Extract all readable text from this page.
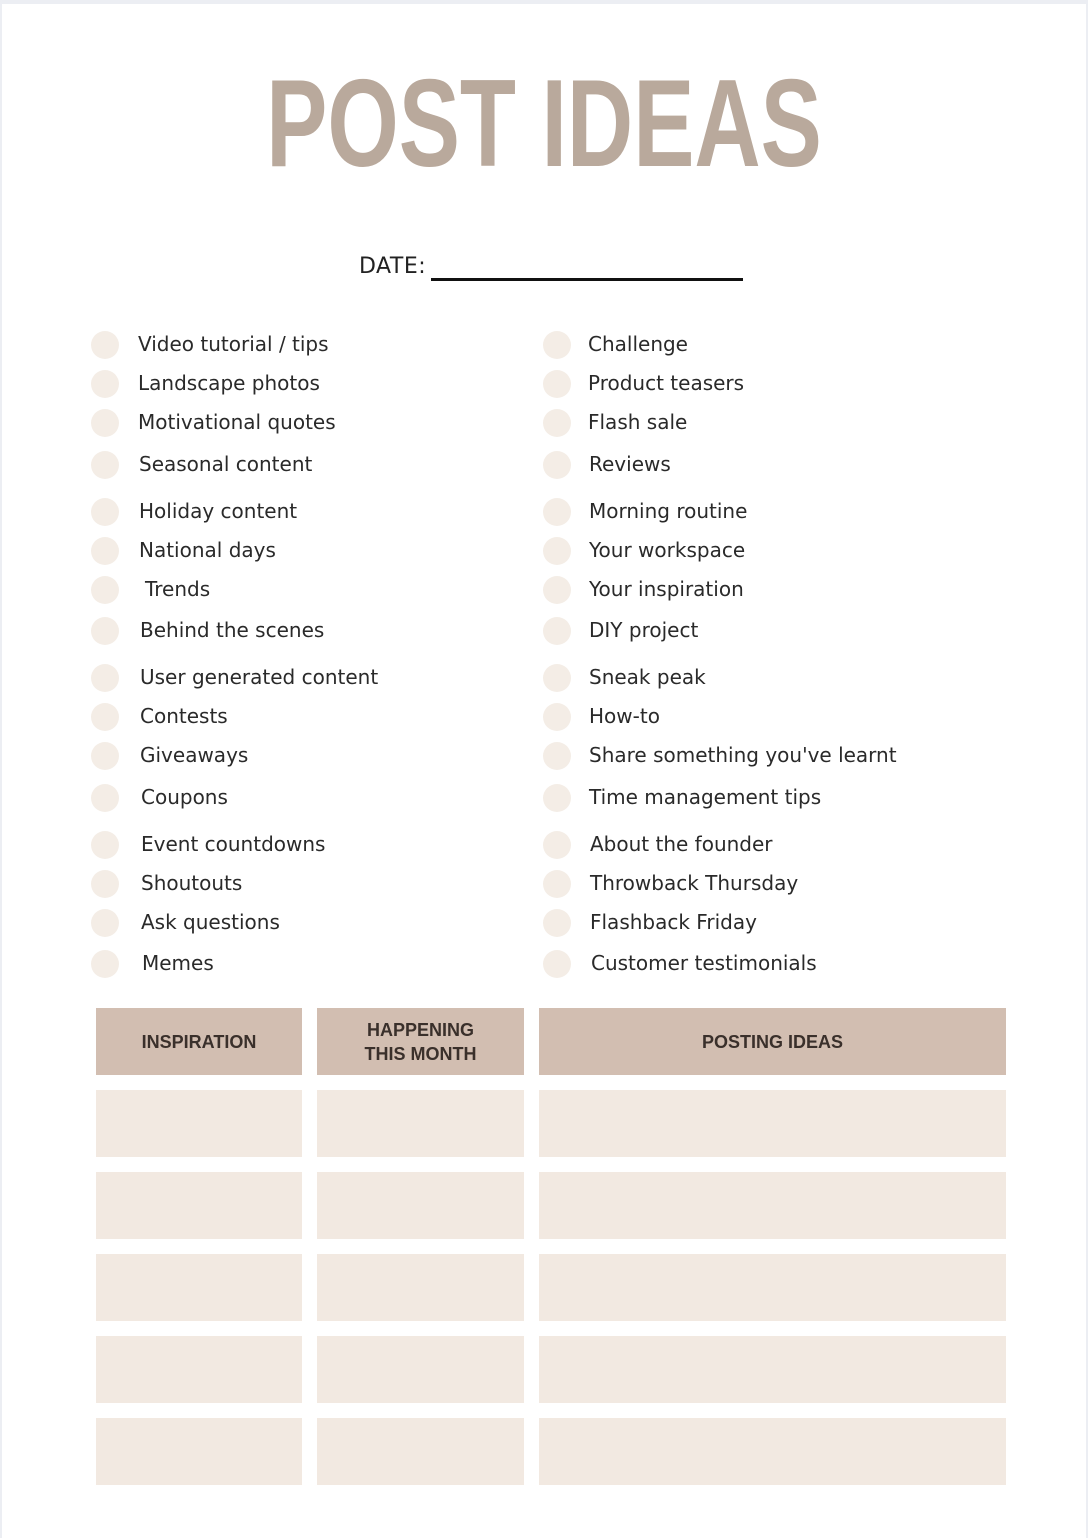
POST IDEAS
DATE:
Video tutorial / tips
Landscape photos
Motivational quotes
Seasonal content
Holiday content
National days
Trends
Behind the scenes
User generated content
Contests
Giveaways
Coupons
Event countdowns
Shoutouts
Ask questions
Memes
Challenge
Product teasers
Flash sale
Reviews
Morning routine
Your workspace
Your inspiration
DIY project
Sneak peak
How-to
Share something you've learnt
Time management tips
About the founder
Throwback Thursday
Flashback Friday
Customer testimonials
INSPIRATION
HAPPENING
THIS MONTH
POSTING IDEAS
